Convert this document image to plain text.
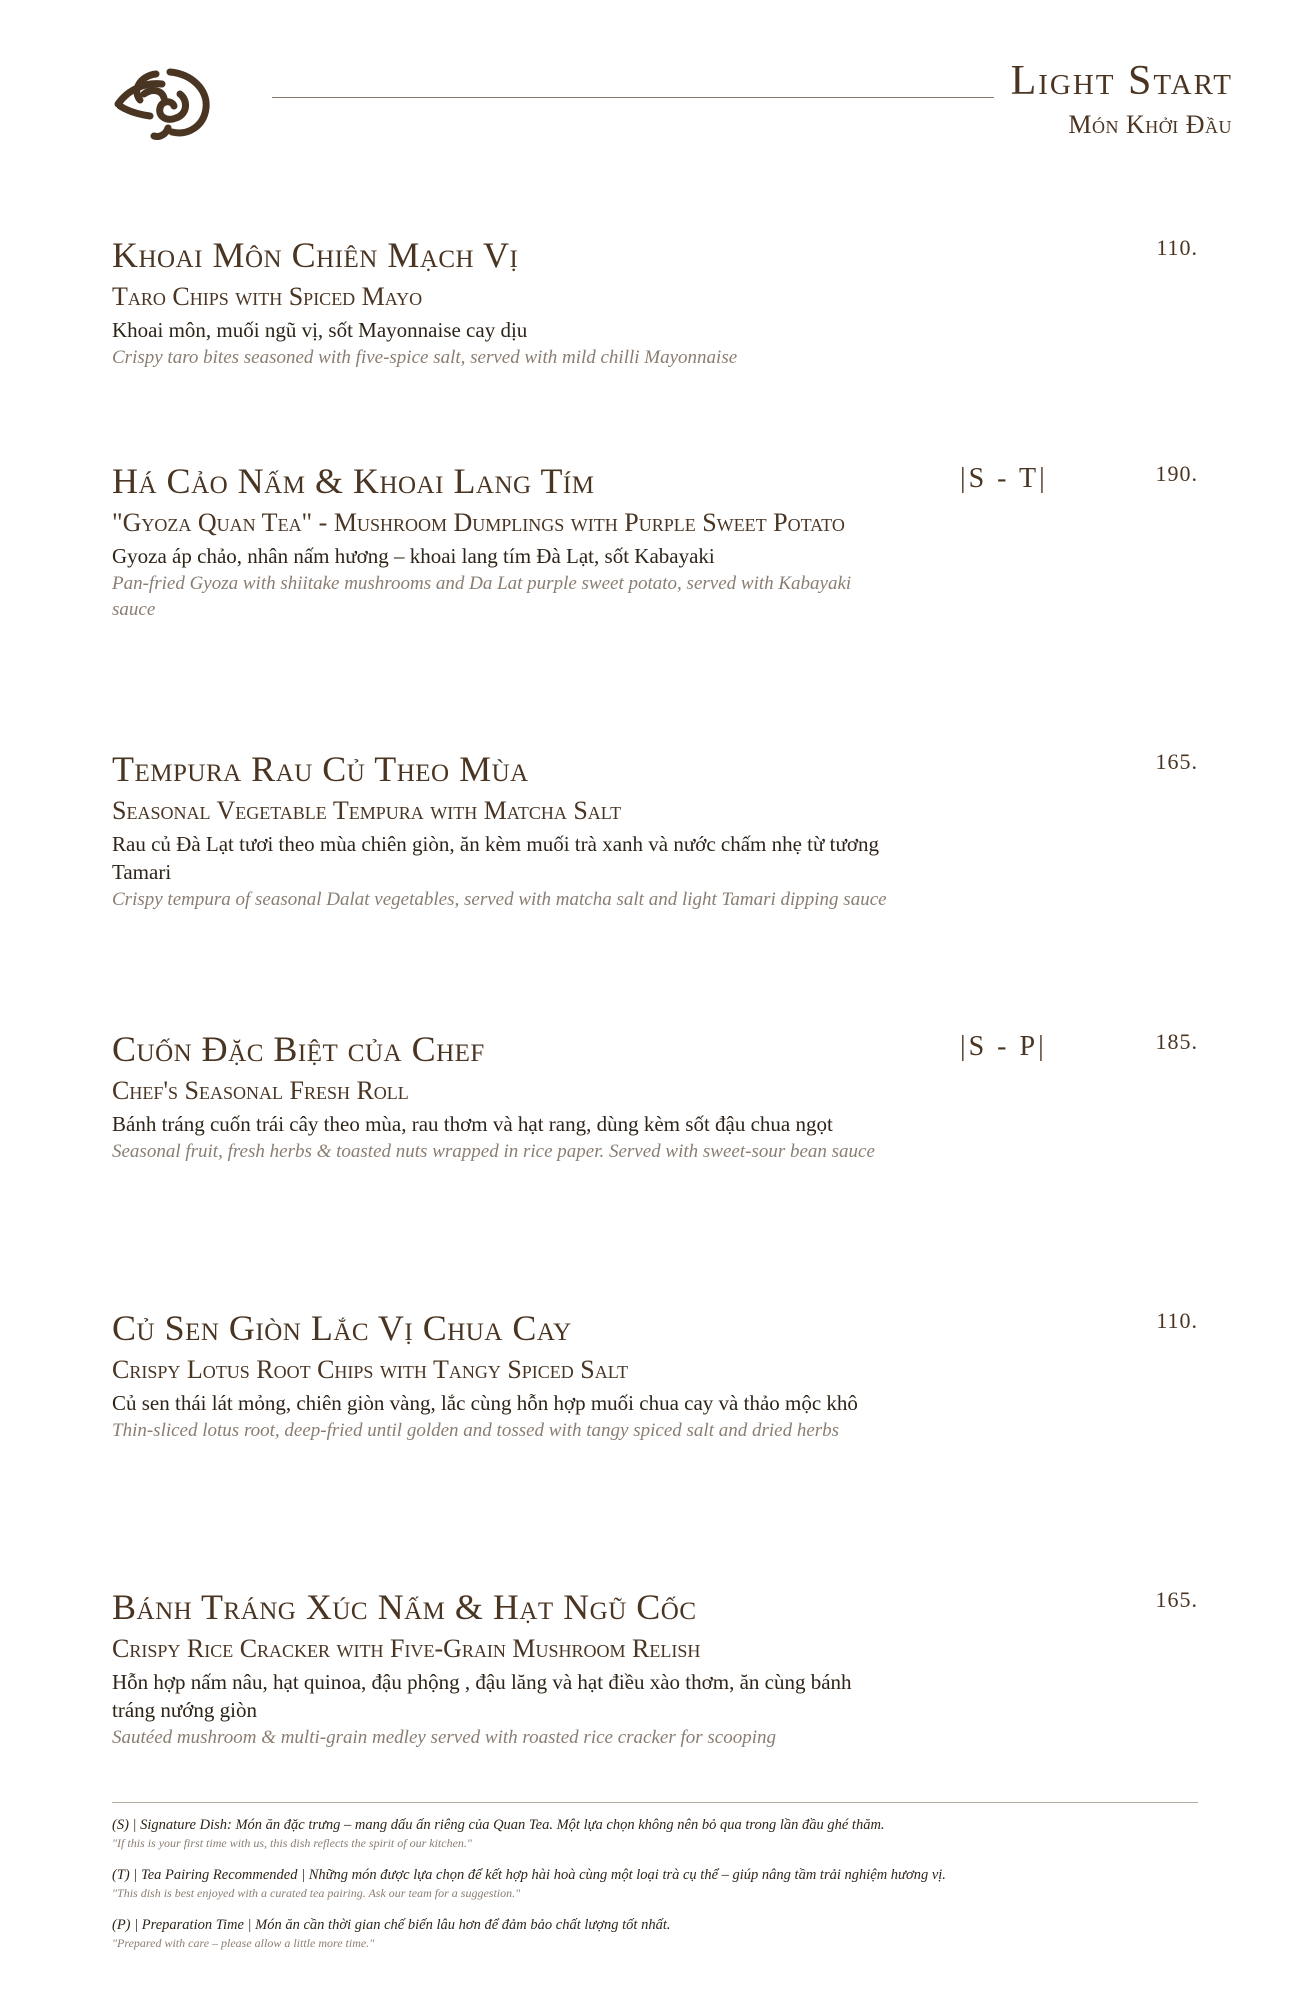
Light Start
Món Khởi Đầu
Khoai Môn Chiên Mạch Vị
Taro Chips with Spiced Mayo
Khoai môn, muối ngũ vị, sốt Mayonnaise cay dịu
Crispy taro bites seasoned with five-spice salt, served with mild chilli Mayonnaise
110.
Há Cảo Nấm & Khoai Lang Tím
"Gyoza Quan Tea" - Mushroom Dumplings with Purple Sweet Potato
Gyoza áp chảo, nhân nấm hương – khoai lang tím Đà Lạt, sốt Kabayaki
Pan-fried Gyoza with shiitake mushrooms and Da Lat purple sweet potato, served with Kabayaki sauce
|S - T|	190.
Tempura Rau Củ Theo Mùa
Seasonal Vegetable Tempura with Matcha Salt
Rau củ Đà Lạt tươi theo mùa chiên giòn, ăn kèm muối trà xanh và nước chấm nhẹ từ tương Tamari
Crispy tempura of seasonal Dalat vegetables, served with matcha salt and light Tamari dipping sauce
165.
Cuốn Đặc Biệt của Chef
Chef's Seasonal Fresh Roll
Bánh tráng cuốn trái cây theo mùa, rau thơm và hạt rang, dùng kèm sốt đậu chua ngọt
Seasonal fruit, fresh herbs & toasted nuts wrapped in rice paper. Served with sweet-sour bean sauce
|S - P|	185.
Củ Sen Giòn Lắc Vị Chua Cay
Crispy Lotus Root Chips with Tangy Spiced Salt
Củ sen thái lát mỏng, chiên giòn vàng, lắc cùng hỗn hợp muối chua cay và thảo mộc khô
Thin-sliced lotus root, deep-fried until golden and tossed with tangy spiced salt and dried herbs
110.
Bánh Tráng Xúc Nấm & Hạt Ngũ Cốc
Crispy Rice Cracker with Five-Grain Mushroom Relish
Hỗn hợp nấm nâu, hạt quinoa, đậu phộng , đậu lăng và hạt điều xào thơm, ăn cùng bánh tráng nướng giòn
Sautéed mushroom & multi-grain medley served with roasted rice cracker for scooping
165.
(S) | Signature Dish: Món ăn đặc trưng – mang dấu ấn riêng của Quan Tea. Một lựa chọn không nên bỏ qua trong lần đầu ghé thăm.
"If this is your first time with us, this dish reflects the spirit of our kitchen."
(T) | Tea Pairing Recommended | Những món được lựa chọn để kết hợp hài hoà cùng một loại trà cụ thể – giúp nâng tầm trải nghiệm hương vị.
"This dish is best enjoyed with a curated tea pairing. Ask our team for a suggestion."
(P) | Preparation Time | Món ăn cần thời gian chế biến lâu hơn để đảm bảo chất lượng tốt nhất.
"Prepared with care – please allow a little more time."
